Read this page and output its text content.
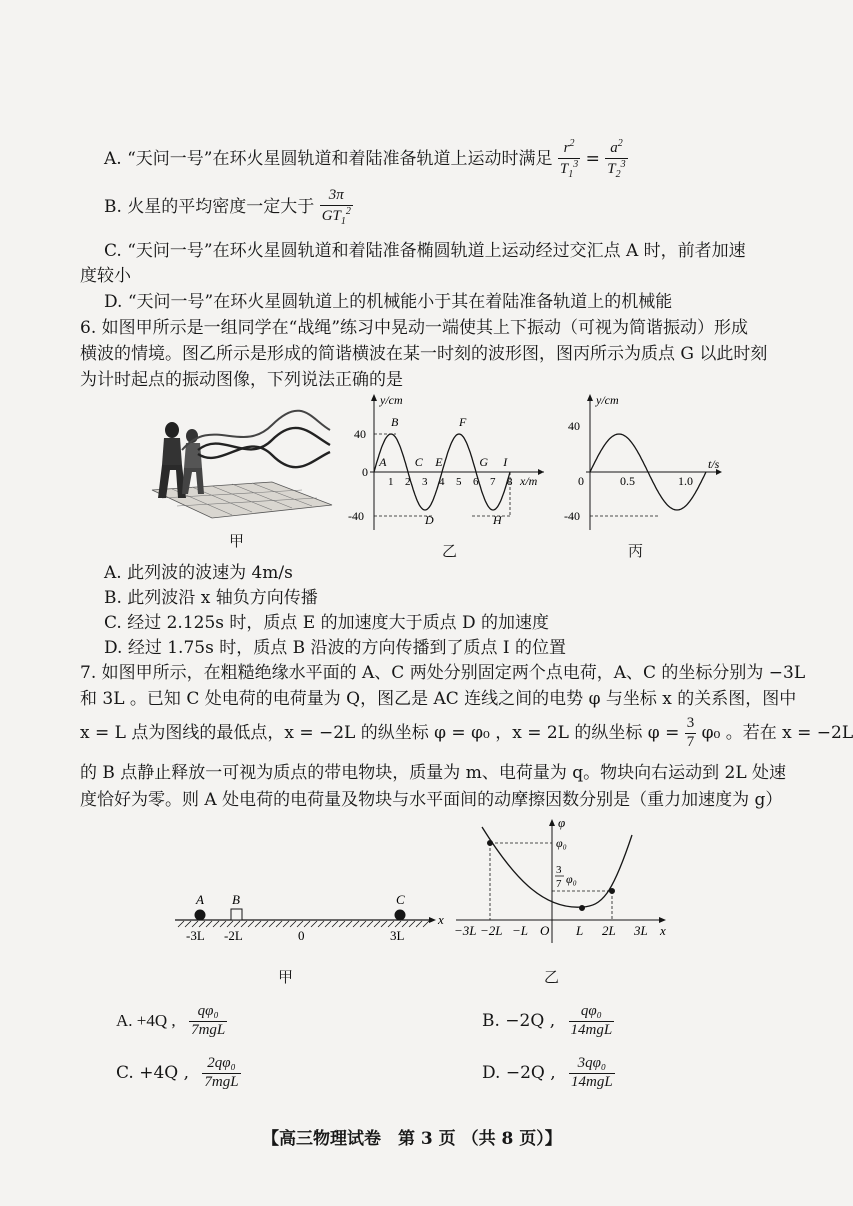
A. “天问一号”在环火星圆轨道和着陆准备轨道上运动时满足 $\frac{r^2}{T_1^3} = \frac{a^2}{T_2^3}$
B. 火星的平均密度一定大于 $\frac{3\pi}{GT_1^2}$
C. “天问一号”在环火星圆轨道和着陆准备椭圆轨道上运动经过交汇点 A 时，前者加速
度较小
D. “天问一号”在环火星圆轨道上的机械能小于其在着陆准备轨道上的机械能
6. 如图甲所示是一组同学在“战绳”练习中晃动一端使其上下振动（可视为简谐振动）形成
横波的情境。图乙所示是形成的简谐横波在某一时刻的波形图，图丙所示为质点 G 以此时刻
为计时起点的振动图像，下列说法正确的是
甲
y/cm
x/m
40
-40
0
1 2 3 4 5 6 7 8
A
B
C
D
E
F
G
H
I
乙
y/cm
t/s
40
-40
0	0.5	1.0
丙
A. 此列波的波速为 4m/s
B. 此列波沿 x 轴负方向传播
C. 经过 2.125s 时，质点 E 的加速度大于质点 D 的加速度
D. 经过 1.75s 时，质点 B 沿波的方向传播到了质点 I 的位置
7. 如图甲所示，在粗糙绝缘水平面的 A、C 两处分别固定两个点电荷，A、C 的坐标分别为 −3L
和 3L 。已知 C 处电荷的电荷量为 Q，图乙是 AC 连线之间的电势 φ 与坐标 x 的关系图，图中
x = L 点为图线的最低点，x = −2L 的纵坐标 φ = φ₀ ，x = 2L 的纵坐标 $\varphi = \frac{3}{7} \varphi_0$ 。若在 x = −2L
的 B 点静止释放一可视为质点的带电物块，质量为 m、电荷量为 q。物块向右运动到 2L 处速
度恰好为零。则 A 处电荷的电荷量及物块与水平面间的动摩擦因数分别是（重力加速度为 g）
A B	C
x
-3L -2L	0	3L
甲
φ
φ₀
3
7 φ₀
O	x
−3L −2L −L	L 2L 3L
乙
A. +4Q , $\frac{\text{qφ₀}}{\text{7mgL}}$	B. −2Q , $\frac{\text{qφ₀}}{\text{14mgL}}$
C. +4Q , $\frac{\text{2qφ₀}}{\text{7mgL}}$	D. −2Q , $\frac{\text{3qφ₀}}{\text{14mgL}}$
【高三物理试卷　第 3 页 （共 8 页）】
